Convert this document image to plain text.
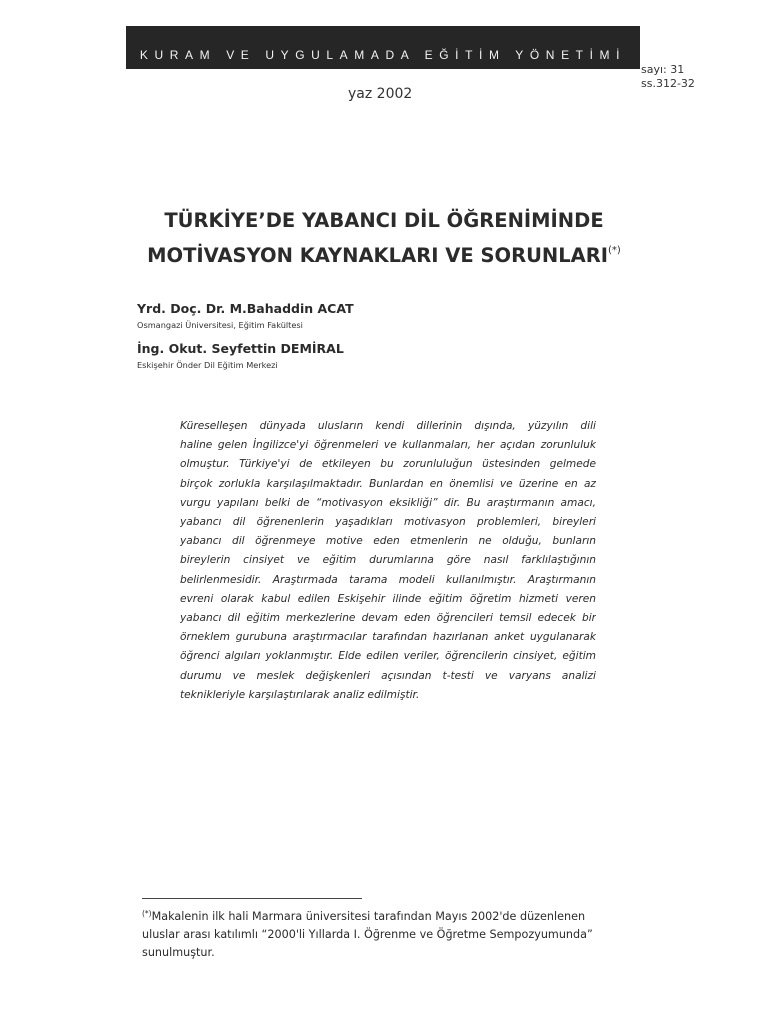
KURAM VE UYGULAMADA EĞİTİM YÖNETİMİ
sayı: 31
ss.312-32
yaz 2002
TÜRKİYE’DE YABANCI DİL ÖĞRENİMİNDE
MOTİVASYON KAYNAKLARI VE SORUNLARI(*)
Yrd. Doç. Dr. M.Bahaddin ACAT
Osmangazi Üniversitesi, Eğitim Fakültesi
İng. Okut. Seyfettin DEMİRAL
Eskişehir Önder Dil Eğitim Merkezi
Küreselleşen dünyada ulusların kendi dillerinin dışında, yüzyılın dili
haline gelen İngilizce'yi öğrenmeleri ve kullanmaları, her açıdan zorunluluk
olmuştur. Türkiye'yi de etkileyen bu zorunluluğun üstesinden gelmede
birçok zorlukla karşılaşılmaktadır. Bunlardan en önemlisi ve üzerine en az
vurgu yapılanı belki de “motivasyon eksikliği” dir. Bu araştırmanın amacı,
yabancı dil öğrenenlerin yaşadıkları motivasyon problemleri, bireyleri
yabancı dil öğrenmeye motive eden etmenlerin ne olduğu, bunların
bireylerin cinsiyet ve eğitim durumlarına göre nasıl farklılaştığının
belirlenmesidir. Araştırmada tarama modeli kullanılmıştır. Araştırmanın
evreni olarak kabul edilen Eskişehir ilinde eğitim öğretim hizmeti veren
yabancı dil eğitim merkezlerine devam eden öğrencileri temsil edecek bir
örneklem gurubuna araştırmacılar tarafından hazırlanan anket uygulanarak
öğrenci algıları yoklanmıştır. Elde edilen veriler, öğrencilerin cinsiyet, eğitim
durumu ve meslek değişkenleri açısından t-testi ve varyans analizi
teknikleriyle karşılaştırılarak analiz edilmiştir.
(*)Makalenin ilk hali Marmara üniversitesi tarafından Mayıs 2002'de düzenlenen uluslar arası katılımlı “2000'li Yıllarda I. Öğrenme ve Öğretme Sempozyumunda” sunulmuştur.
